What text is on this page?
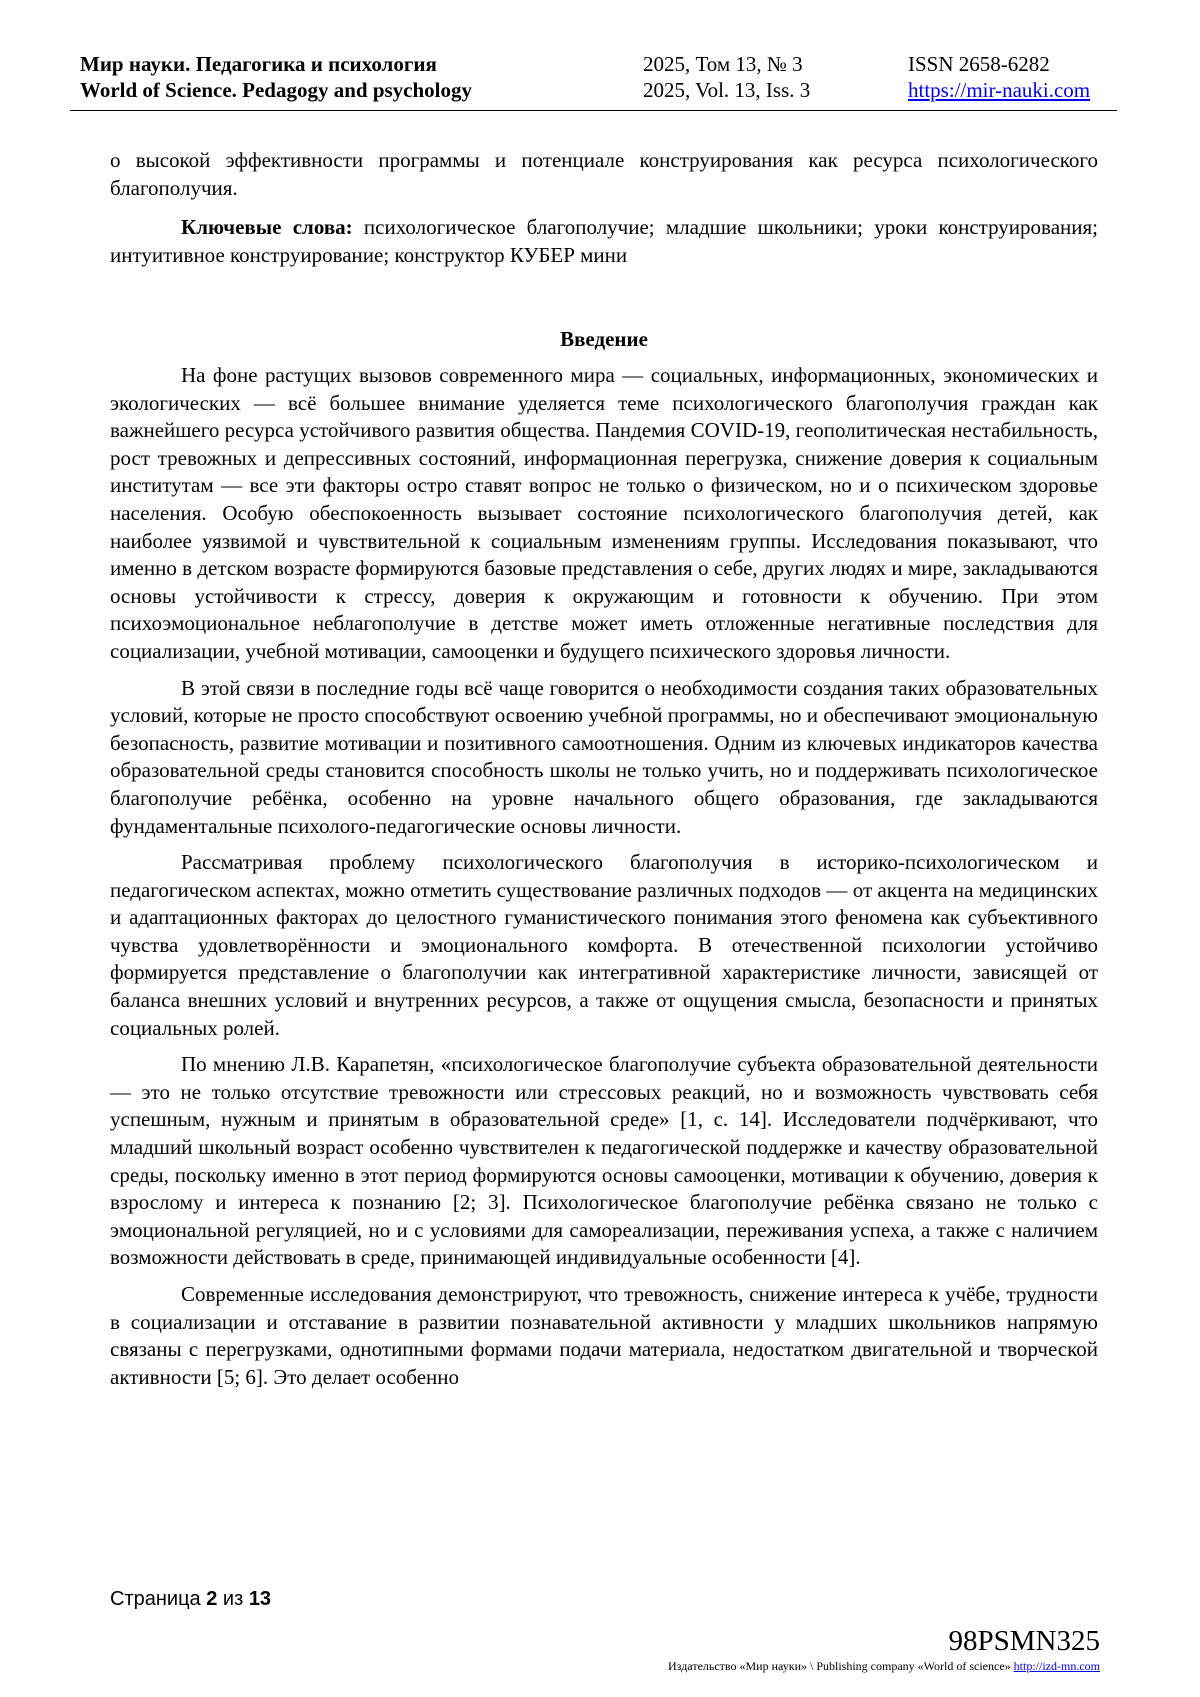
Мир науки. Педагогика и психология
World of Science. Pedagogy and psychology
2025, Том 13, № 3
2025, Vol. 13, Iss. 3
ISSN 2658-6282
https://mir-nauki.com

о высокой эффективности программы и потенциале конструирования как ресурса психологического благополучия.

Ключевые слова: психологическое благополучие; младшие школьники; уроки конструирования; интуитивное конструирование; конструктор КУБЕР мини

Введение

На фоне растущих вызовов современного мира — социальных, информационных, экономических и экологических — всё большее внимание уделяется теме психологического благополучия граждан как важнейшего ресурса устойчивого развития общества. Пандемия COVID-19, геополитическая нестабильность, рост тревожных и депрессивных состояний, информационная перегрузка, снижение доверия к социальным институтам — все эти факторы остро ставят вопрос не только о физическом, но и о психическом здоровье населения. Особую обеспокоенность вызывает состояние психологического благополучия детей, как наиболее уязвимой и чувствительной к социальным изменениям группы. Исследования показывают, что именно в детском возрасте формируются базовые представления о себе, других людях и мире, закладываются основы устойчивости к стрессу, доверия к окружающим и готовности к обучению. При этом психоэмоциональное неблагополучие в детстве может иметь отложенные негативные последствия для социализации, учебной мотивации, самооценки и будущего психического здоровья личности.

В этой связи в последние годы всё чаще говорится о необходимости создания таких образовательных условий, которые не просто способствуют освоению учебной программы, но и обеспечивают эмоциональную безопасность, развитие мотивации и позитивного самоотношения. Одним из ключевых индикаторов качества образовательной среды становится способность школы не только учить, но и поддерживать психологическое благополучие ребёнка, особенно на уровне начального общего образования, где закладываются фундаментальные психолого-педагогические основы личности.

Рассматривая проблему психологического благополучия в историко-психологическом и педагогическом аспектах, можно отметить существование различных подходов — от акцента на медицинских и адаптационных факторах до целостного гуманистического понимания этого феномена как субъективного чувства удовлетворённости и эмоционального комфорта. В отечественной психологии устойчиво формируется представление о благополучии как интегративной характеристике личности, зависящей от баланса внешних условий и внутренних ресурсов, а также от ощущения смысла, безопасности и принятых социальных ролей.

По мнению Л.В. Карапетян, «психологическое благополучие субъекта образовательной деятельности — это не только отсутствие тревожности или стрессовых реакций, но и возможность чувствовать себя успешным, нужным и принятым в образовательной среде» [1, с. 14]. Исследователи подчёркивают, что младший школьный возраст особенно чувствителен к педагогической поддержке и качеству образовательной среды, поскольку именно в этот период формируются основы самооценки, мотивации к обучению, доверия к взрослому и интереса к познанию [2; 3]. Психологическое благополучие ребёнка связано не только с эмоциональной регуляцией, но и с условиями для самореализации, переживания успеха, а также с наличием возможности действовать в среде, принимающей индивидуальные особенности [4].

Современные исследования демонстрируют, что тревожность, снижение интереса к учёбе, трудности в социализации и отставание в развитии познавательной активности у младших школьников напрямую связаны с перегрузками, однотипными формами подачи материала, недостатком двигательной и творческой активности [5; 6]. Это делает особенно

Страница 2 из 13
98PSMN325
Издательство «Мир науки» \ Publishing company «World of science» http://izd-mn.com
